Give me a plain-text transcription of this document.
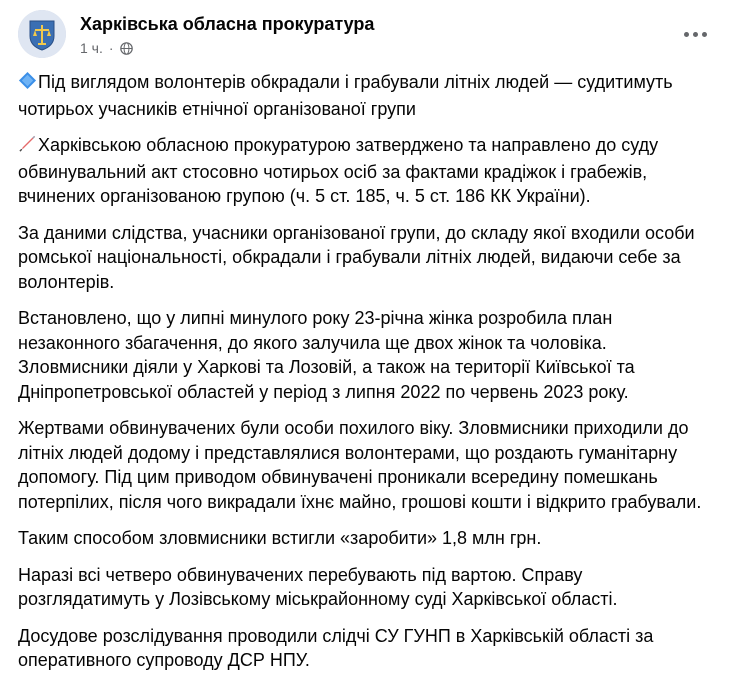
Харківська обласна прокуратура
1 ч. ·

Під виглядом волонтерів обкрадали і грабували літніх людей — судитимуть чотирьох учасників етнічної організованої групи

Харківською обласною прокуратурою затверджено та направлено до суду обвинувальний акт стосовно чотирьох осіб за фактами крадіжок і грабежів, вчинених організованою групою (ч. 5 ст. 185, ч. 5 ст. 186 КК України).

За даними слідства, учасники організованої групи, до складу якої входили особи ромської національності, обкрадали і грабували літніх людей, видаючи себе за волонтерів.

Встановлено, що у липні минулого року 23-річна жінка розробила план незаконного збагачення, до якого залучила ще двох жінок та чоловіка. Зловмисники діяли у Харкові та Лозовій, а також на території Київської та Дніпропетровської областей у період з липня 2022 по червень 2023 року.

Жертвами обвинувачених були особи похилого віку. Зловмисники приходили до літніх людей додому і представлялися волонтерами, що роздають гуманітарну допомогу. Під цим приводом обвинувачені проникали всередину помешкань потерпілих, після чого викрадали їхнє майно, грошові кошти і відкрито грабували.

Таким способом зловмисники встигли «заробити» 1,8 млн грн.

Наразі всі четверо обвинувачених перебувають під вартою. Справу розглядатимуть у Лозівському міськрайонному суді Харківської області.

Досудове розслідування проводили слідчі СУ ГУНП в Харківській області за оперативного супроводу ДСР НПУ.
